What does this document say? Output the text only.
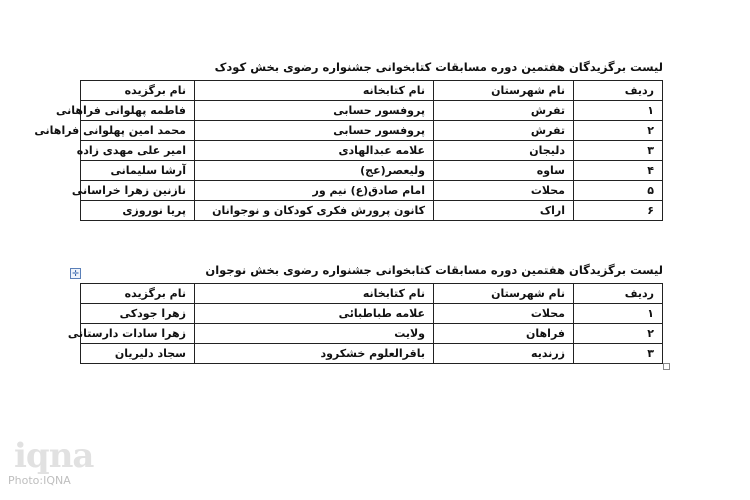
لیست برگزیدگان هفتمین دوره مسابقات کتابخوانی جشنواره رضوی بخش کودک
ردیف	نام شهرستان	نام کتابخانه	نام برگزیده
۱	تفرش	پروفسور حسابی	فاطمه پهلوانی فراهانی
۲	تفرش	پروفسور حسابی	محمد امین پهلوانی فراهانی
۳	دلیجان	علامه عبدالهادی	امیر علی مهدی زاده
۴	ساوه	ولیعصر(عج)	آرشا سلیمانی
۵	محلات	امام صادق(ع) نیم ور	نازنین زهرا خراسانی
۶	اراک	کانون پرورش فکری کودکان و نوجوانان	پریا نوروزی
✛	لیست برگزیدگان هفتمین دوره مسابقات کتابخوانی جشنواره رضوی بخش نوجوان
ردیف	نام شهرستان	نام کتابخانه	نام برگزیده
۱	محلات	علامه طباطبائی	زهرا جودکی
۲	فراهان	ولایت	زهرا سادات دارستانی
۳	زرندیه	باقرالعلوم خشکرود	سجاد دلیریان
iqna
Photo:IQNA
